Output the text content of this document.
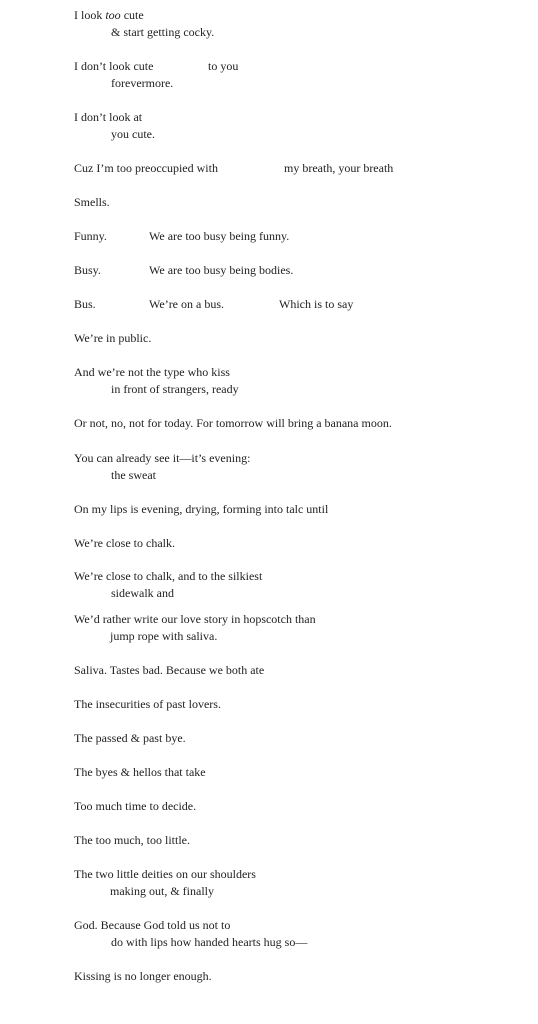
I look too cute
& start getting cocky.
I don’t look cute	to you
forevermore.
I don’t look at
you cute.
Cuz I’m too preoccupied with	my breath, your breath
Smells.
Funny.	We are too busy being funny.
Busy.	We are too busy being bodies.
Bus.	We’re on a bus.	Which is to say
We’re in public.
And we’re not the type who kiss
in front of strangers, ready
Or not, no, not for today. For tomorrow will bring a banana moon.
You can already see it—it’s evening:
the sweat
On my lips is evening, drying, forming into talc until
We’re close to chalk.
We’re close to chalk, and to the silkiest
sidewalk and
We’d rather write our love story in hopscotch than
jump rope with saliva.
Saliva. Tastes bad. Because we both ate
The insecurities of past lovers.
The passed & past bye.
The byes & hellos that take
Too much time to decide.
The too much, too little.
The two little deities on our shoulders
making out, & finally
God. Because God told us not to
do with lips how handed hearts hug so—
Kissing is no longer enough.
